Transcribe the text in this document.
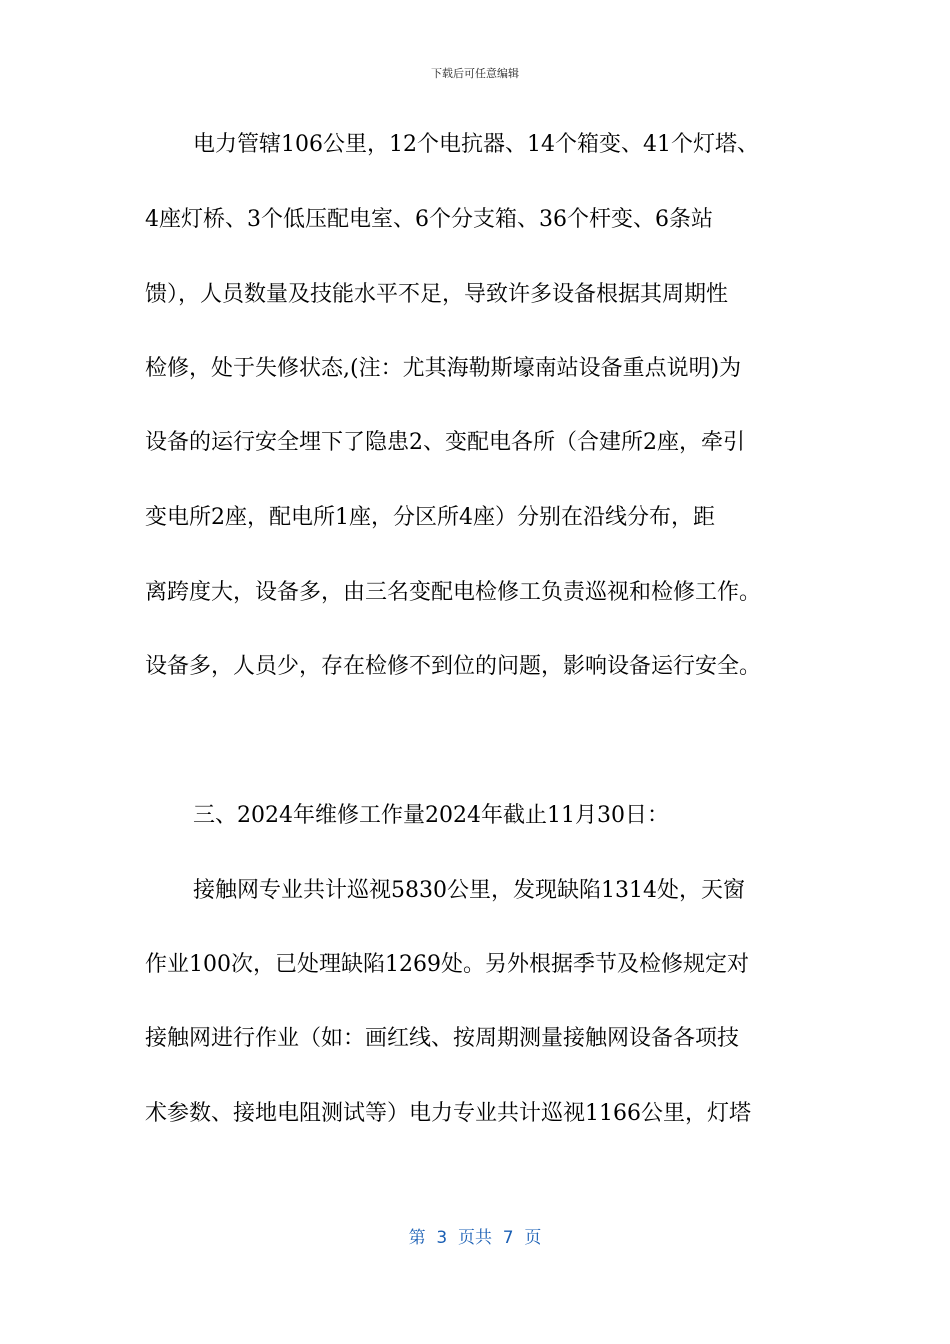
下载后可任意编辑
电力管辖106公里，12个电抗器、14个箱变、41个灯塔、
4座灯桥、3个低压配电室、6个分支箱、36个杆变、6条站
馈），人员数量及技能水平不足，导致许多设备根据其周期性
检修，处于失修状态,(注：尤其海勒斯壕南站设备重点说明)为
设备的运行安全埋下了隐患2、变配电各所（合建所2座，牵引
变电所2座，配电所1座，分区所4座）分别在沿线分布，距
离跨度大，设备多，由三名变配电检修工负责巡视和检修工作。
设备多，人员少，存在检修不到位的问题，影响设备运行安全。
三、2024年维修工作量2024年截止11月30日：
接触网专业共计巡视5830公里，发现缺陷1314处，天窗
作业100次，已处理缺陷1269处。另外根据季节及检修规定对
接触网进行作业（如：画红线、按周期测量接触网设备各项技
术参数、接地电阻测试等）电力专业共计巡视1166公里，灯塔
第  3  页共  7  页
